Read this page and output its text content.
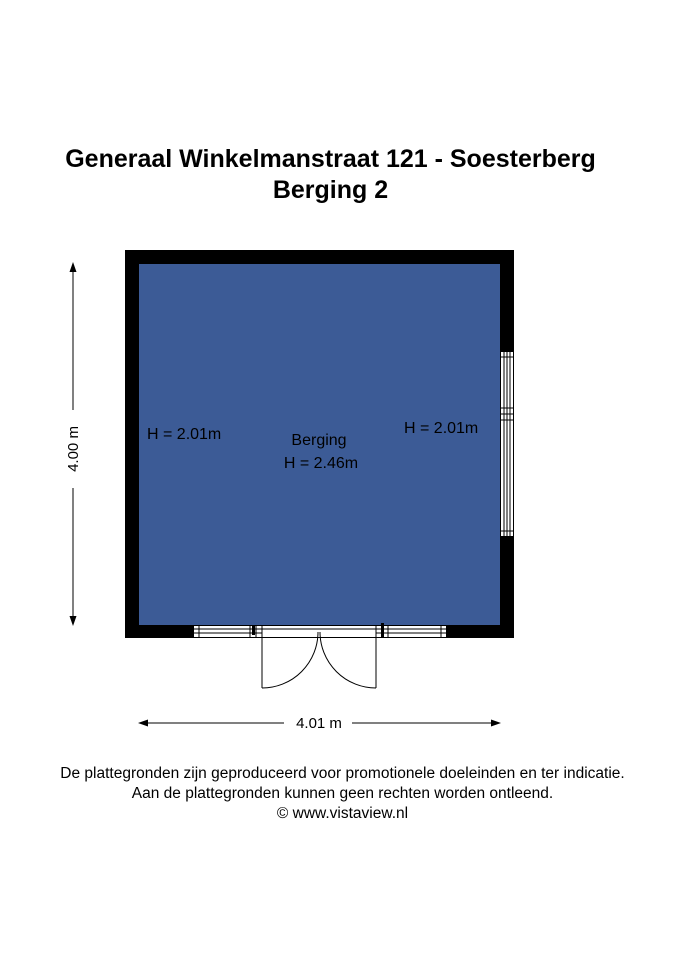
Generaal Winkelmanstraat 121 - Soesterberg
Berging 2
4.00 m
4.01 m
Berging
H = 2.46m
H = 2.01m	H = 2.01m
De plattegronden zijn geproduceerd voor promotionele doeleinden en ter indicatie.
Aan de plattegronden kunnen geen rechten worden ontleend.
© www.vistaview.nl
